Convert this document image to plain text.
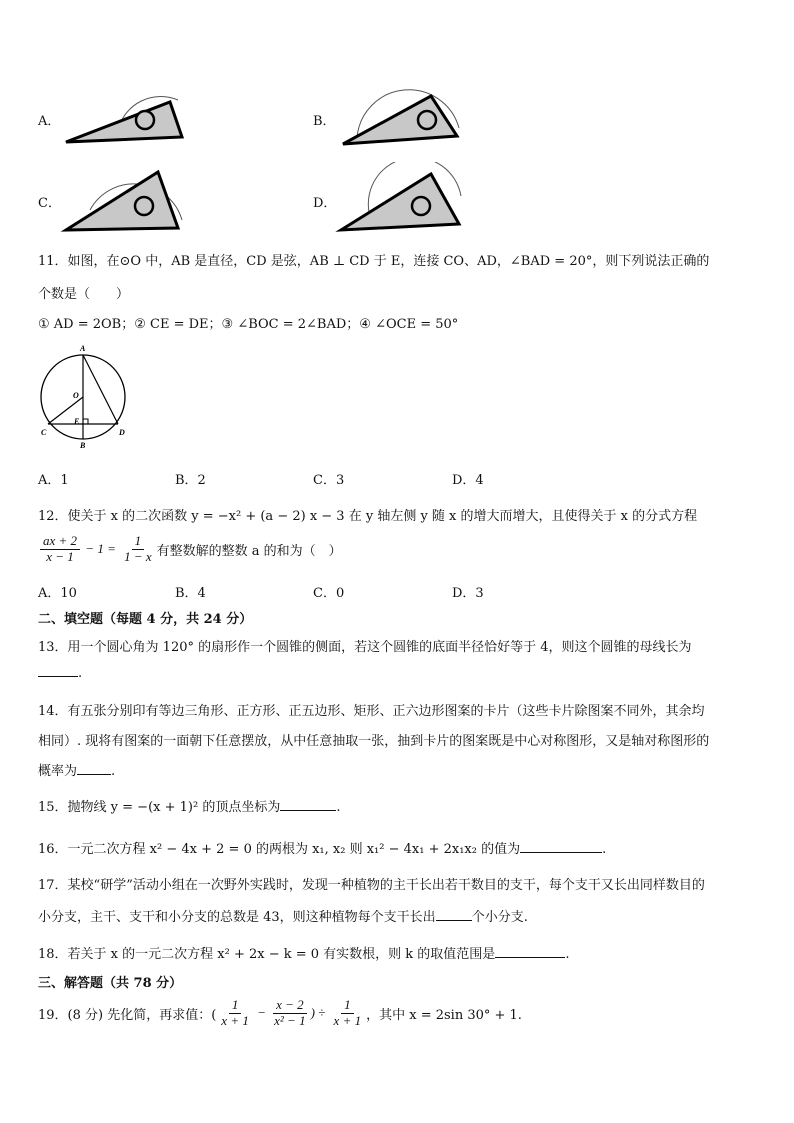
A．	B．
C．	D．
11．如图，在⊙O 中，AB 是直径，CD 是弦，AB ⊥ CD 于 E，连接 CO、AD，∠BAD = 20°，则下列说法正确的
个数是（　　）
① AD = 2OB；② CE = DE；③ ∠BOC = 2∠BAD；④ ∠OCE = 50°
A
O
C
E
B
D
A．1	B．2	C．3	D．4
12．使关于 x 的二次函数 y = −x² + (a − 2) x − 3 在 y 轴左侧 y 随 x 的增大而增大，且使得关于 x 的分式方程
$\frac{ax + 2}{x - 1} - 1 = \frac{1}{1 - x}$ 有整数解的整数 a 的和为（　）
A．10	B．4	C．0	D．3
二、填空题（每题 4 分，共 24 分）
13．用一个圆心角为 120° 的扇形作一个圆锥的侧面，若这个圆锥的底面半径恰好等于 4，则这个圆锥的母线长为
.
14．有五张分别印有等边三角形、正方形、正五边形、矩形、正六边形图案的卡片（这些卡片除图案不同外，其余均
相同）. 现将有图案的一面朝下任意摆放，从中任意抽取一张，抽到卡片的图案既是中心对称图形，又是轴对称图形的
概率为	.
15．抛物线 y = −(x + 1)² 的顶点坐标为	.
16．一元二次方程 x² − 4x + 2 = 0 的两根为 x₁, x₂ 则 x₁² − 4x₁ + 2x₁x₂ 的值为	.
17．某校“研学”活动小组在一次野外实践时，发现一种植物的主干长出若干数目的支干，每个支干又长出同样数目的
小分支，主干、支干和小分支的总数是 43，则这种植物每个支干长出	个小分支.
18．若关于 x 的一元二次方程 x² + 2x − k = 0 有实数根，则 k 的取值范围是	.
三、解答题（共 78 分）
19．(8 分) 先化简，再求值：( $\frac{1}{x + 1} - \frac{x - 2}{\text{x² − 1}}$ ) ÷ $\frac{1}{x + 1}$ ，其中 x = 2sin 30° + 1.
